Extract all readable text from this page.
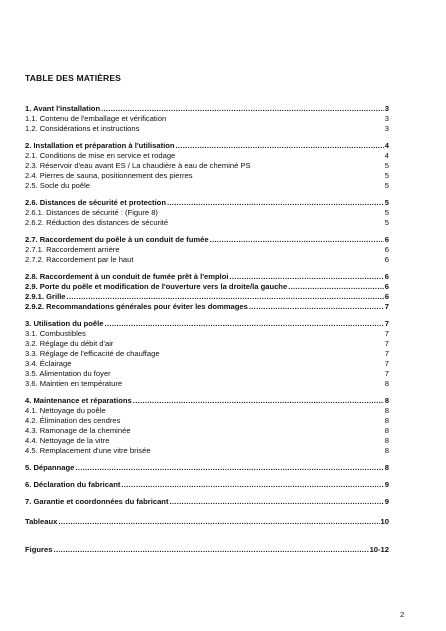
TABLE DES MATIÈRES
1. Avant l'installation .....	3
1.1. Contenu de l'emballage et vérification	3
1.2. Considérations et instructions	3
2. Installation et préparation à l'utilisation .....	4
2.1. Conditions de mise en service et rodage	4
2.3. Réservoir d'eau avant ES / La chaudière à eau de cheminé PS	5
2.4. Pierres de sauna, positionnement des pierres	5
2.5. Socle du poêle	5
2.6. Distances de sécurité et protection .....	5
2.6.1. Distances de sécurité : (Figure 8)	5
2.6.2. Réduction des distances de sécurité	5
2.7. Raccordement du poêle à un conduit de fumée .....	6
2.7.1. Raccordement arrière	6
2.7.2. Raccordement par le haut	6
2.8. Raccordement à un conduit de fumée prêt à l'emploi .....	6
2.9. Porte du poêle et modification de l'ouverture vers la droite/la gauche .....	6
2.9.1. Grille .....	6
2.9.2. Recommandations générales pour éviter les dommages .....	7
3. Utilisation du poêle .....	7
3.1. Combustibles	7
3.2. Réglage du débit d'air	7
3.3. Réglage de l'efficacité de chauffage	7
3.4. Éclairage	7
3.5. Alimentation du foyer	7
3.6. Maintien en température	8
4. Maintenance et réparations .....	8
4.1. Nettoyage du poêle	8
4.2. Élimination des cendres	8
4.3. Ramonage de la cheminée	8
4.4. Nettoyage de la vitre	8
4.5. Remplacement d'une vitre brisée	8
5. Dépannage .....	8
6. Déclaration du fabricant .....	9
7. Garantie et coordonnées du fabricant .....	9
Tableaux .....	10
Figures .....	10-12
2
